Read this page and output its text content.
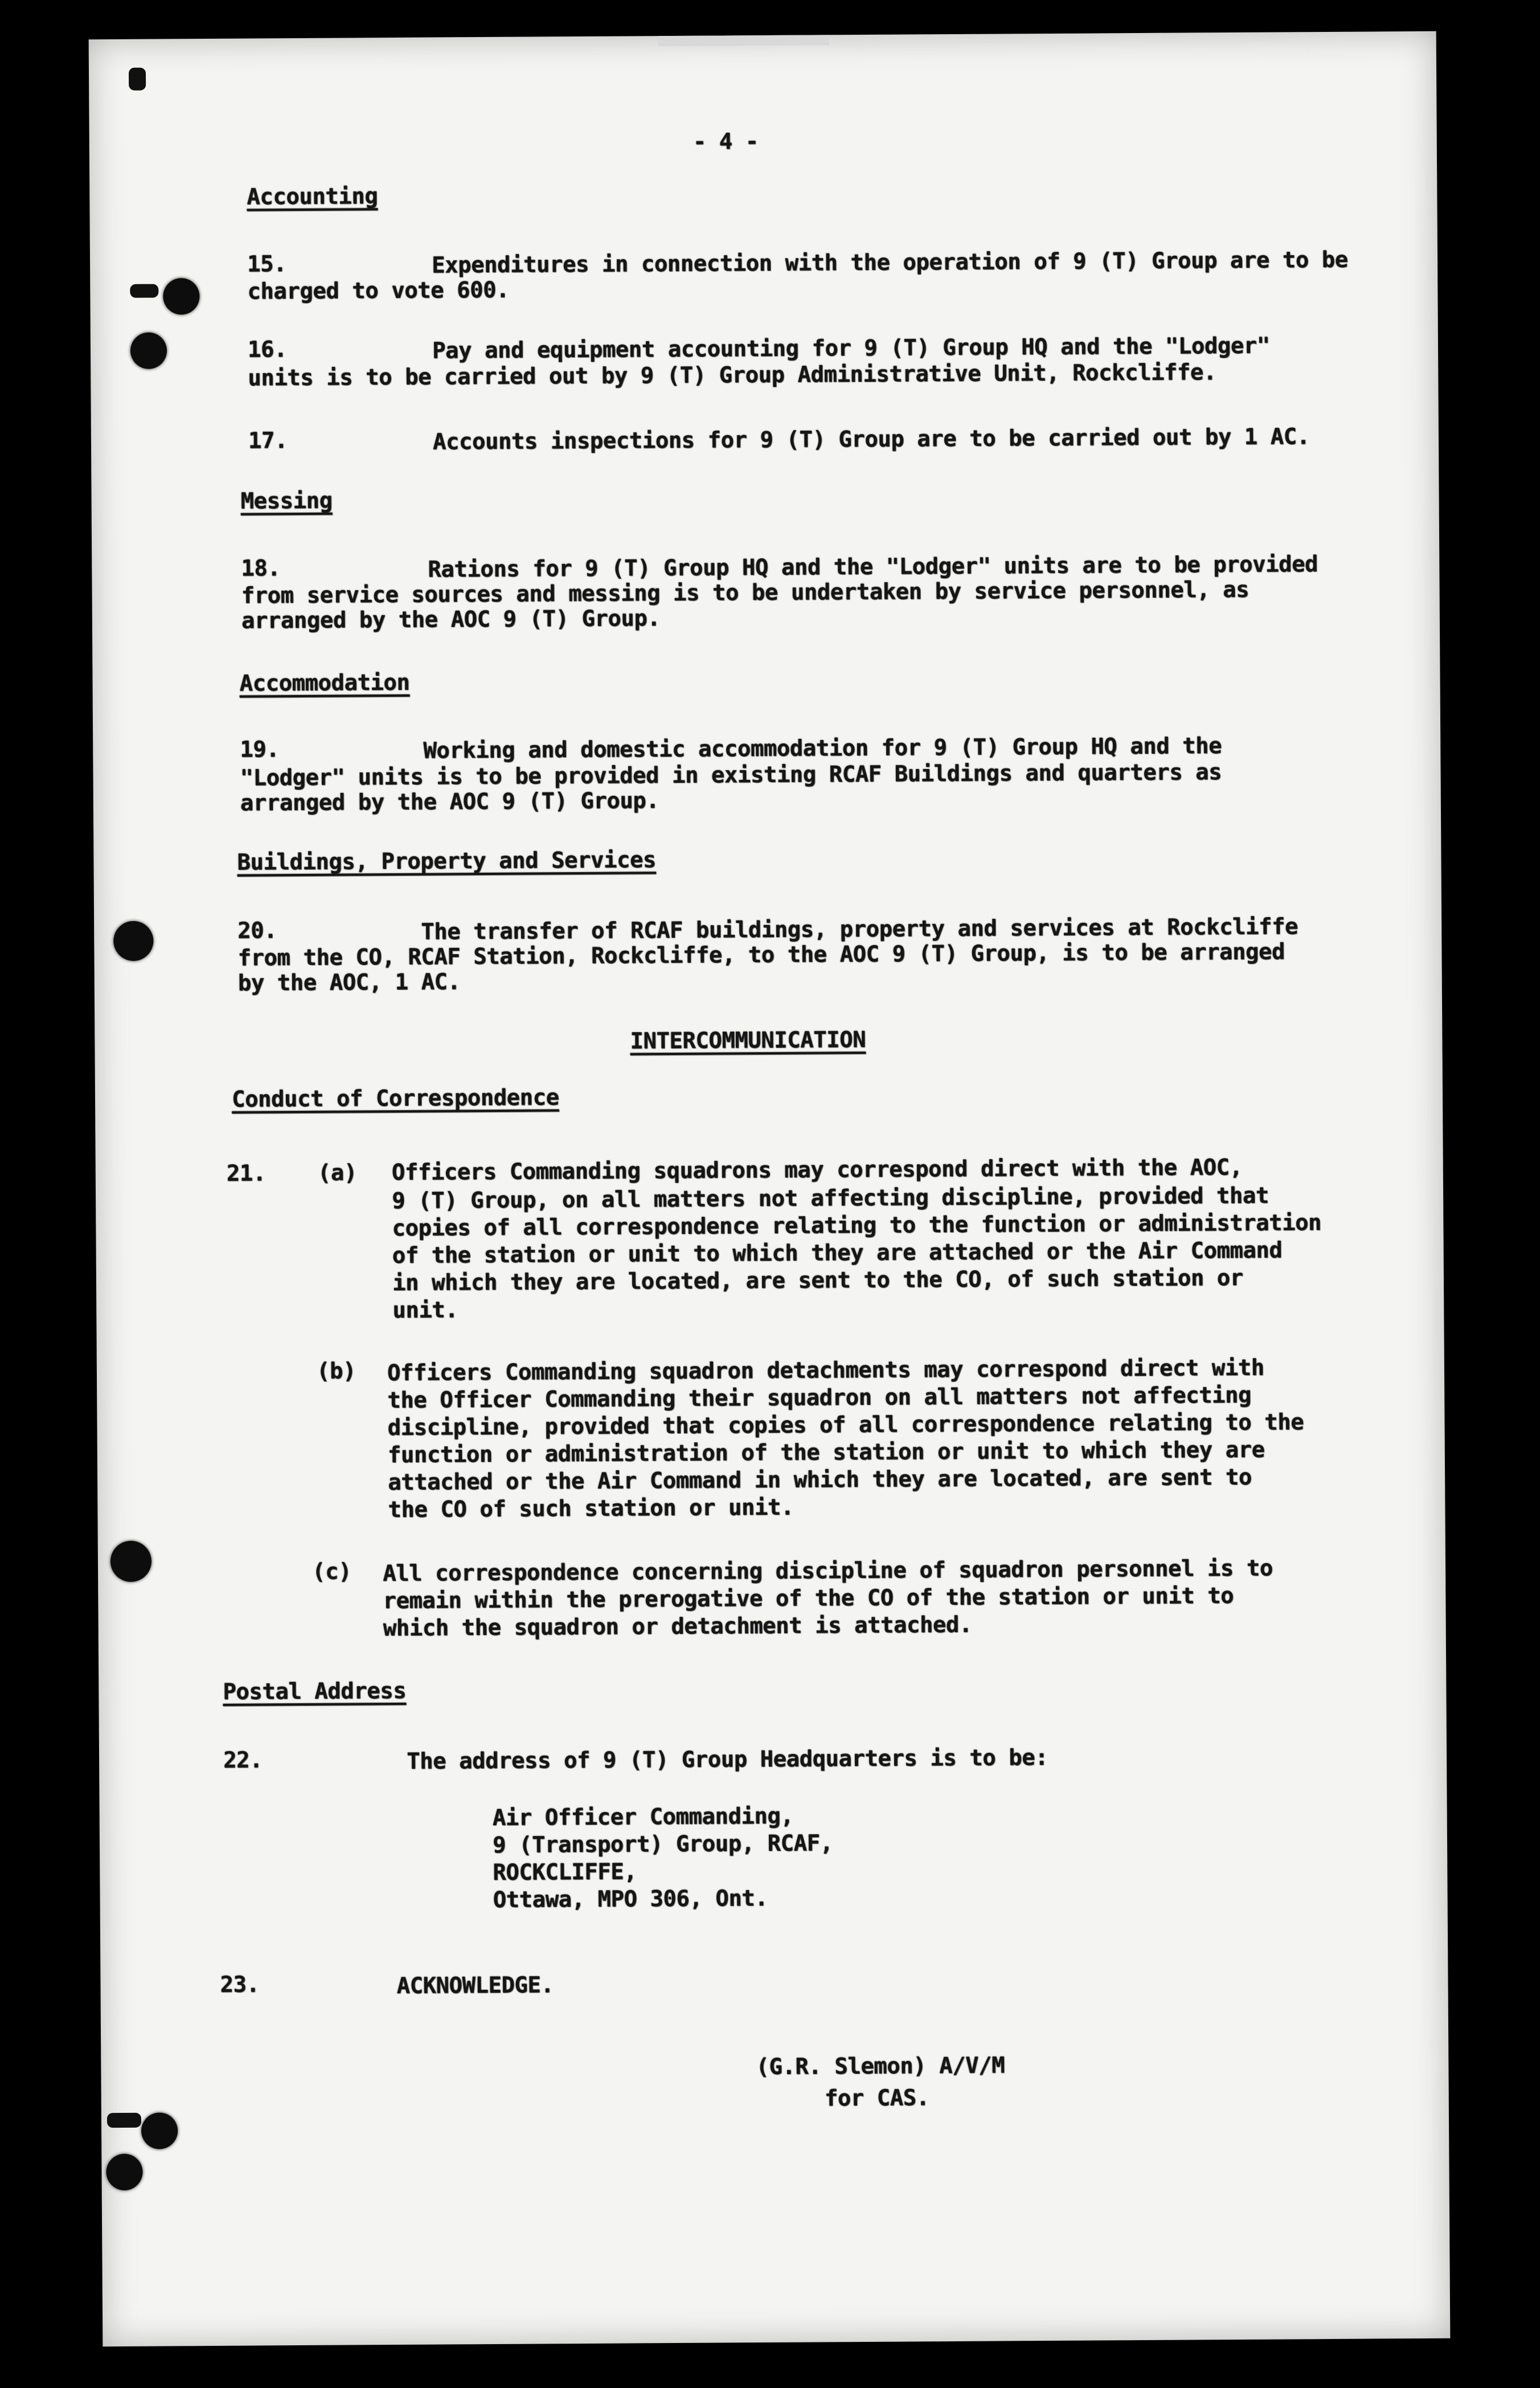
- 4 -
Accounting
15.	Expenditures in connection with the operation of 9 (T) Group are to be
charged to vote 600.
16.	Pay and equipment accounting for 9 (T) Group HQ and the "Lodger"
units is to be carried out by 9 (T) Group Administrative Unit, Rockcliffe.
17.	Accounts inspections for 9 (T) Group are to be carried out by 1 AC.
Messing
18.	Rations for 9 (T) Group HQ and the "Lodger" units are to be provided
from service sources and messing is to be undertaken by service personnel, as
arranged by the AOC 9 (T) Group.
Accommodation
19.	Working and domestic accommodation for 9 (T) Group HQ and the
"Lodger" units is to be provided in existing RCAF Buildings and quarters as
arranged by the AOC 9 (T) Group.
Buildings, Property and Services
20.	The transfer of RCAF buildings, property and services at Rockcliffe
from the CO, RCAF Station, Rockcliffe, to the AOC 9 (T) Group, is to be arranged
by the AOC, 1 AC.
INTERCOMMUNICATION
Conduct of Correspondence
21. (a) Officers Commanding squadrons may correspond direct with the AOC,
9 (T) Group, on all matters not affecting discipline, provided that
copies of all correspondence relating to the function or administration
of the station or unit to which they are attached or the Air Command
in which they are located, are sent to the CO, of such station or
unit.
(b) Officers Commanding squadron detachments may correspond direct with
the Officer Commanding their squadron on all matters not affecting
discipline, provided that copies of all correspondence relating to the
function or administration of the station or unit to which they are
attached or the Air Command in which they are located, are sent to
the CO of such station or unit.
(c) All correspondence concerning discipline of squadron personnel is to
remain within the prerogative of the CO of the station or unit to
which the squadron or detachment is attached.
Postal Address
22.	The address of 9 (T) Group Headquarters is to be:
Air Officer Commanding,
9 (Transport) Group, RCAF,
ROCKCLIFFE,
Ottawa, MPO 306, Ont.
23.	ACKNOWLEDGE.
(G.R. Slemon) A/V/M
for CAS.
